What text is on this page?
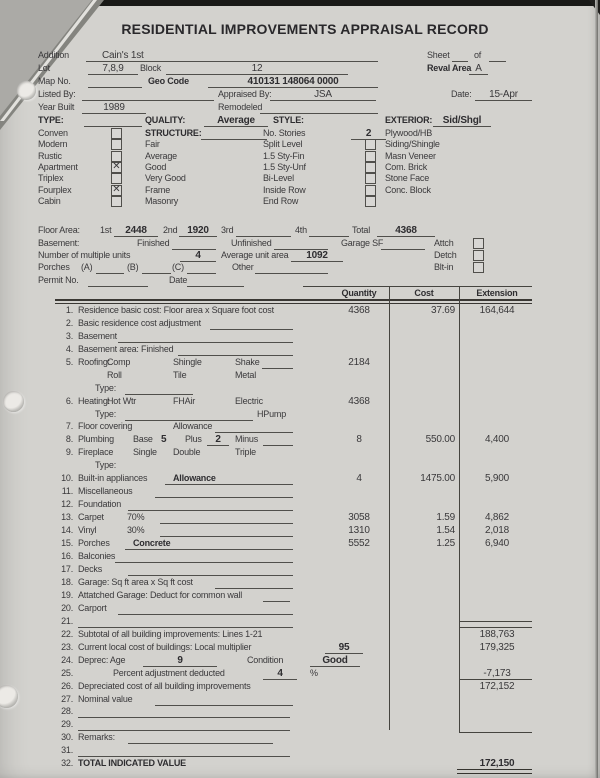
RESIDENTIAL IMPROVEMENTS APPRAISAL RECORD
Addition	Cain's 1st	Sheet	of
Lot	7,8,9	Block	12	Reval Area A
Map No.	Geo Code	410131 148064 0000
Listed By:	Appraised By:	JSA	Date:	15-Apr
Year Built	1989	Remodeled
TYPE:	QUALITY:	Average	STYLE:	EXTERIOR:	Sid/Shgl
Conven
Modern
Rustic
Apartment	✕
Triplex
Fourplex	✕
Cabin
STRUCTURE:
Fair
Average
Good
Very Good
Frame
Masonry
No. Stories	2
Split Level
1.5 Sty-Fin
1.5 Sty-Unf
Bi-Level
Inside Row
End Row
Plywood/HB
Siding/Shingle
Masn Veneer
Com. Brick
Stone Face
Conc. Block
Floor Area: 1st	2448	2nd 1920	3rd	4th	Total	4368
Basement:	Finished	Unfinished	Garage SF	Attch
Number of multiple units	4	Average unit area	1092	Detch
Porches (A)	(B)	(C)	Other	Blt-in
Permit No.	Date
Quantity	Cost	Extension
1. Residence basic cost: Floor area x Square foot cost	4368	37.69	164,644
2. Basic residence cost adjustment
3. Basement
4. Basement area: Finished
5. Roofing:
Comp	Shingle	Shake	2184
Roll	Tile	Metal
Type:
6. Heating:
Hot Wtr	FHAir	Electric	4368
Type:	HPump
7. Floor covering	Allowance
8. Plumbing Base 5 Plus	2	Minus	8	550.00	4,400
9. Fireplace Single Double	Triple
Type:
10. Built-in appliances	Allowance	4	1475.00	5,900
11. Miscellaneous
12. Foundation
13. Carpet	70%	3058	1.59	4,862
14. Vinyl	30%	1310	1.54	2,018
15. Porches	Concrete	5552	1.25	6,940
16. Balconies
17. Decks
18. Garage: Sq ft area x Sq ft cost
19. Attatched Garage: Deduct for common wall
20. Carport
21.
22. Subtotal of all building improvements: Lines 1-21	188,763
23. Current local cost of buildings: Local multiplier	95	179,325
24. Deprec: Age	9	Condition	Good
25.	Percent adjustment deducted	4	%	-7,173
26. Depreciated cost of all building improvements	172,152
27. Nominal value
28.
29.
30. Remarks:
31.
32. TOTAL INDICATED VALUE	172,150
